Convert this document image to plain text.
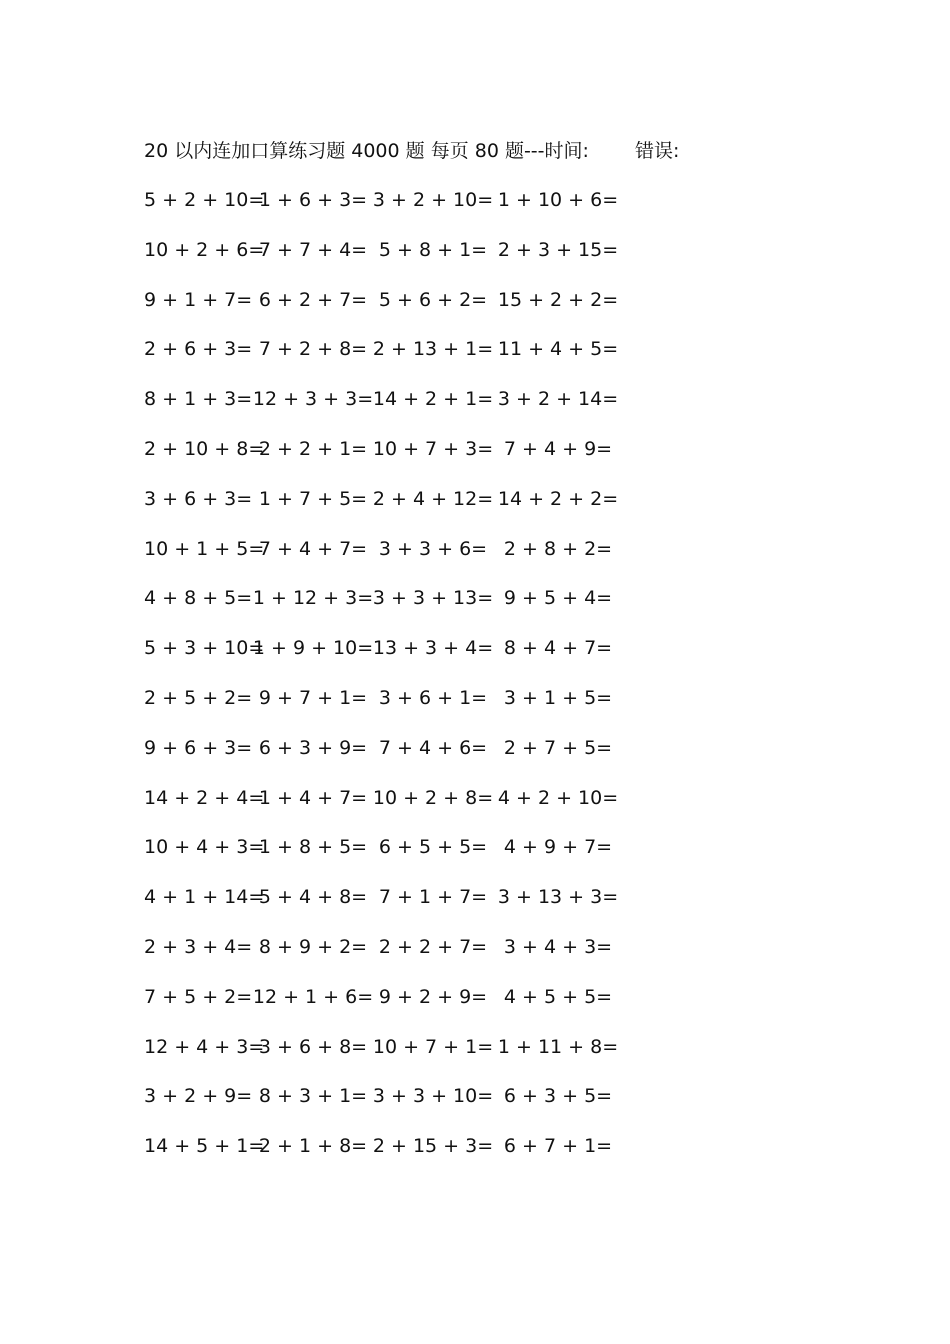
20 以内连加口算练习题 4000 题 每页 80 题---时间: 错误:
5 + 2 + 10=
1 + 6 + 3= 3 + 2 + 10= 1 + 10 + 6=
10 + 2 + 6=
7 + 7 + 4= 5 + 8 + 1= 2 + 3 + 15=
9 + 1 + 7= 6 + 2 + 7= 5 + 6 + 2= 15 + 2 + 2=
2 + 6 + 3= 7 + 2 + 8= 2 + 13 + 1= 11 + 4 + 5=
8 + 1 + 3= 12 + 3 + 3= 14 + 2 + 1= 3 + 2 + 14=
2 + 10 + 8=
2 + 2 + 1= 10 + 7 + 3= 7 + 4 + 9=
3 + 6 + 3= 1 + 7 + 5= 2 + 4 + 12= 14 + 2 + 2=
10 + 1 + 5=
7 + 4 + 7= 3 + 3 + 6= 2 + 8 + 2=
4 + 8 + 5= 1 + 12 + 3= 3 + 3 + 13= 9 + 5 + 4=
5 + 3 + 10=
1 + 9 + 10= 13 + 3 + 4= 8 + 4 + 7=
2 + 5 + 2= 9 + 7 + 1= 3 + 6 + 1= 3 + 1 + 5=
9 + 6 + 3= 6 + 3 + 9= 7 + 4 + 6= 2 + 7 + 5=
14 + 2 + 4=
1 + 4 + 7= 10 + 2 + 8= 4 + 2 + 10=
10 + 4 + 3=
1 + 8 + 5= 6 + 5 + 5= 4 + 9 + 7=
4 + 1 + 14=
5 + 4 + 8= 7 + 1 + 7= 3 + 13 + 3=
2 + 3 + 4= 8 + 9 + 2= 2 + 2 + 7= 3 + 4 + 3=
7 + 5 + 2= 12 + 1 + 6= 9 + 2 + 9= 4 + 5 + 5=
12 + 4 + 3=
3 + 6 + 8= 10 + 7 + 1= 1 + 11 + 8=
3 + 2 + 9= 8 + 3 + 1= 3 + 3 + 10= 6 + 3 + 5=
14 + 5 + 1=
2 + 1 + 8= 2 + 15 + 3= 6 + 7 + 1=
